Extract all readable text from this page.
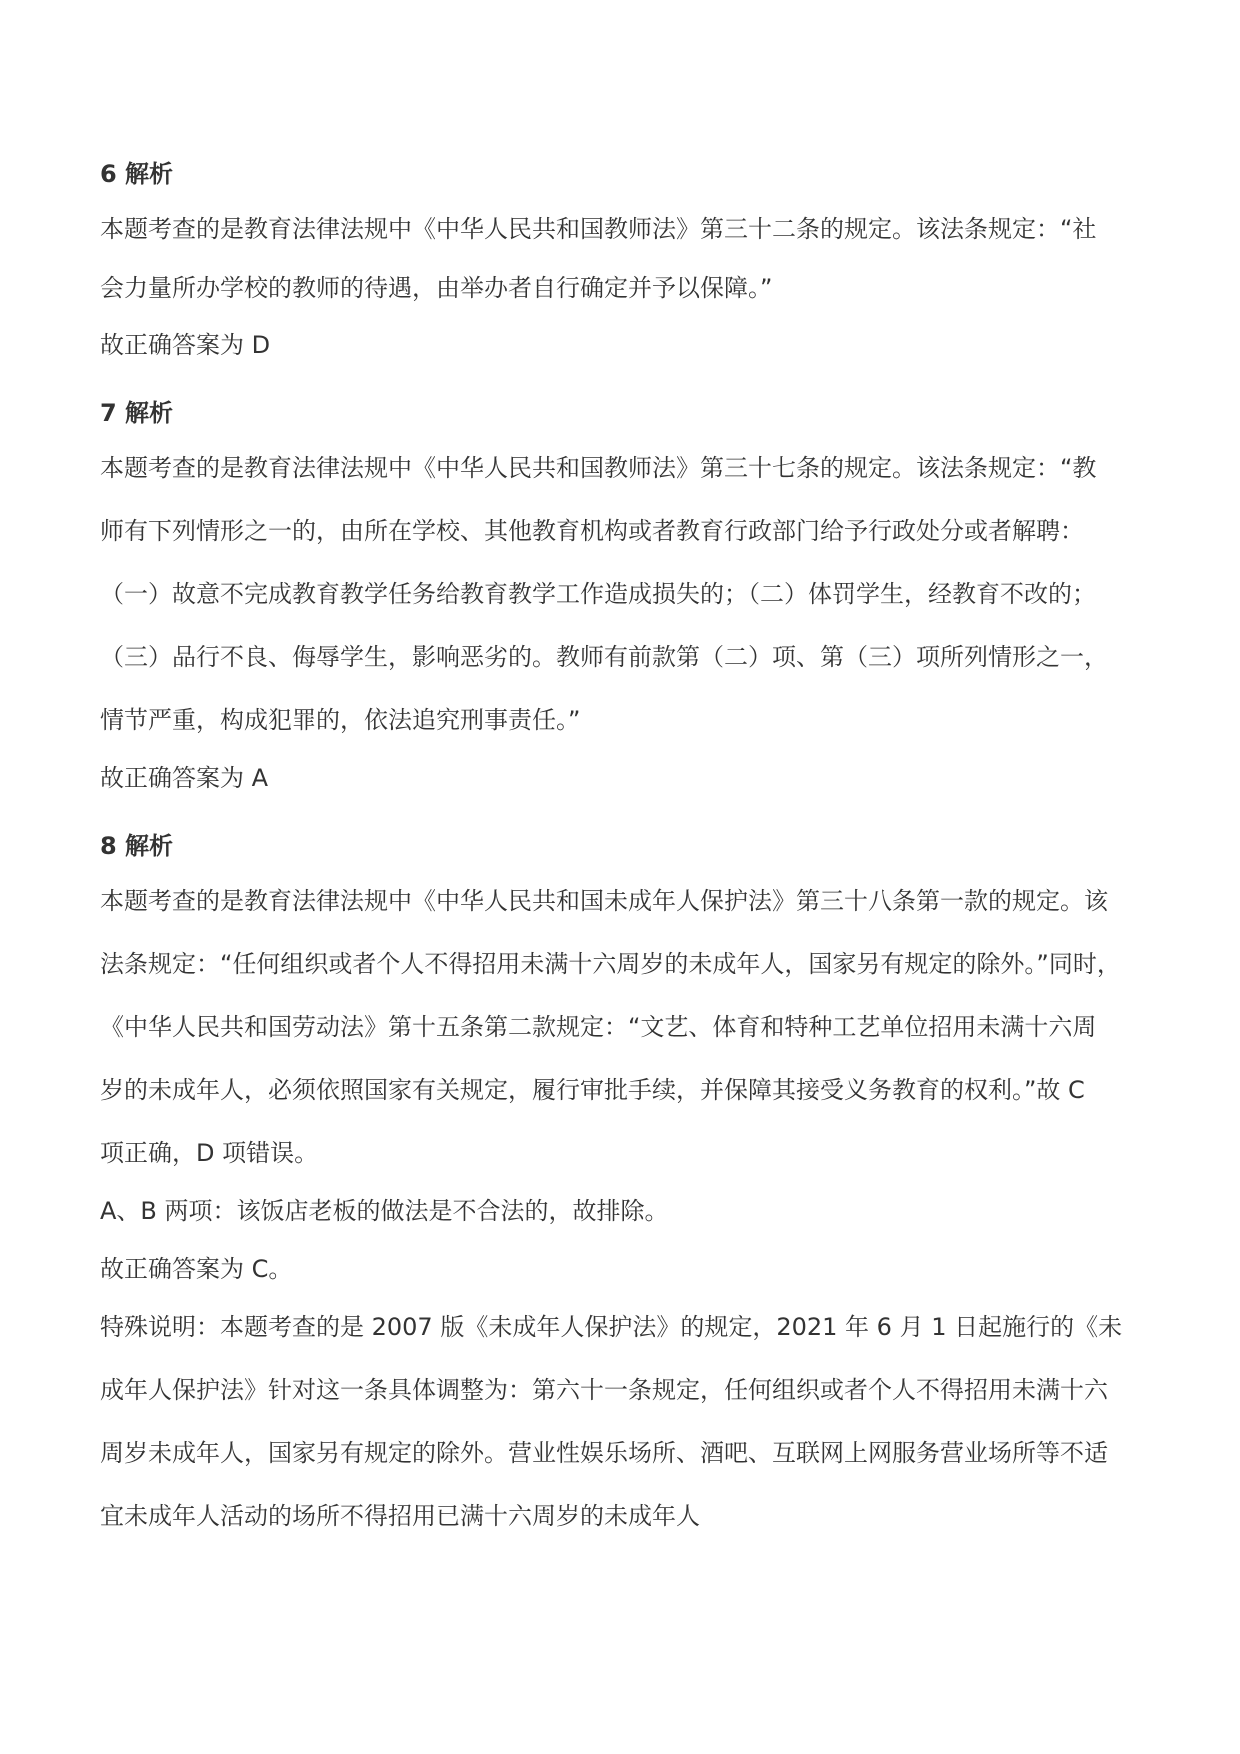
6 解析
本题考查的是教育法律法规中《中华人民共和国教师法》第三十二条的规定。该法条规定：“社
会力量所办学校的教师的待遇，由举办者自行确定并予以保障。”
故正确答案为 D
7 解析
本题考查的是教育法律法规中《中华人民共和国教师法》第三十七条的规定。该法条规定：“教
师有下列情形之一的，由所在学校、其他教育机构或者教育行政部门给予行政处分或者解聘：
（一）故意不完成教育教学任务给教育教学工作造成损失的；（二）体罚学生，经教育不改的；
（三）品行不良、侮辱学生，影响恶劣的。教师有前款第（二）项、第（三）项所列情形之一，
情节严重，构成犯罪的，依法追究刑事责任。”
故正确答案为 A
8 解析
本题考查的是教育法律法规中《中华人民共和国未成年人保护法》第三十八条第一款的规定。该
法条规定：“任何组织或者个人不得招用未满十六周岁的未成年人，国家另有规定的除外。”同时，
《中华人民共和国劳动法》第十五条第二款规定：“文艺、体育和特种工艺单位招用未满十六周
岁的未成年人，必须依照国家有关规定，履行审批手续，并保障其接受义务教育的权利。”故 C
项正确，D 项错误。
A、B 两项：该饭店老板的做法是不合法的，故排除。
故正确答案为 C。
特殊说明：本题考查的是 2007 版《未成年人保护法》的规定，2021 年 6 月 1 日起施行的《未
成年人保护法》针对这一条具体调整为：第六十一条规定，任何组织或者个人不得招用未满十六
周岁未成年人，国家另有规定的除外。营业性娱乐场所、酒吧、互联网上网服务营业场所等不适
宜未成年人活动的场所不得招用已满十六周岁的未成年人
